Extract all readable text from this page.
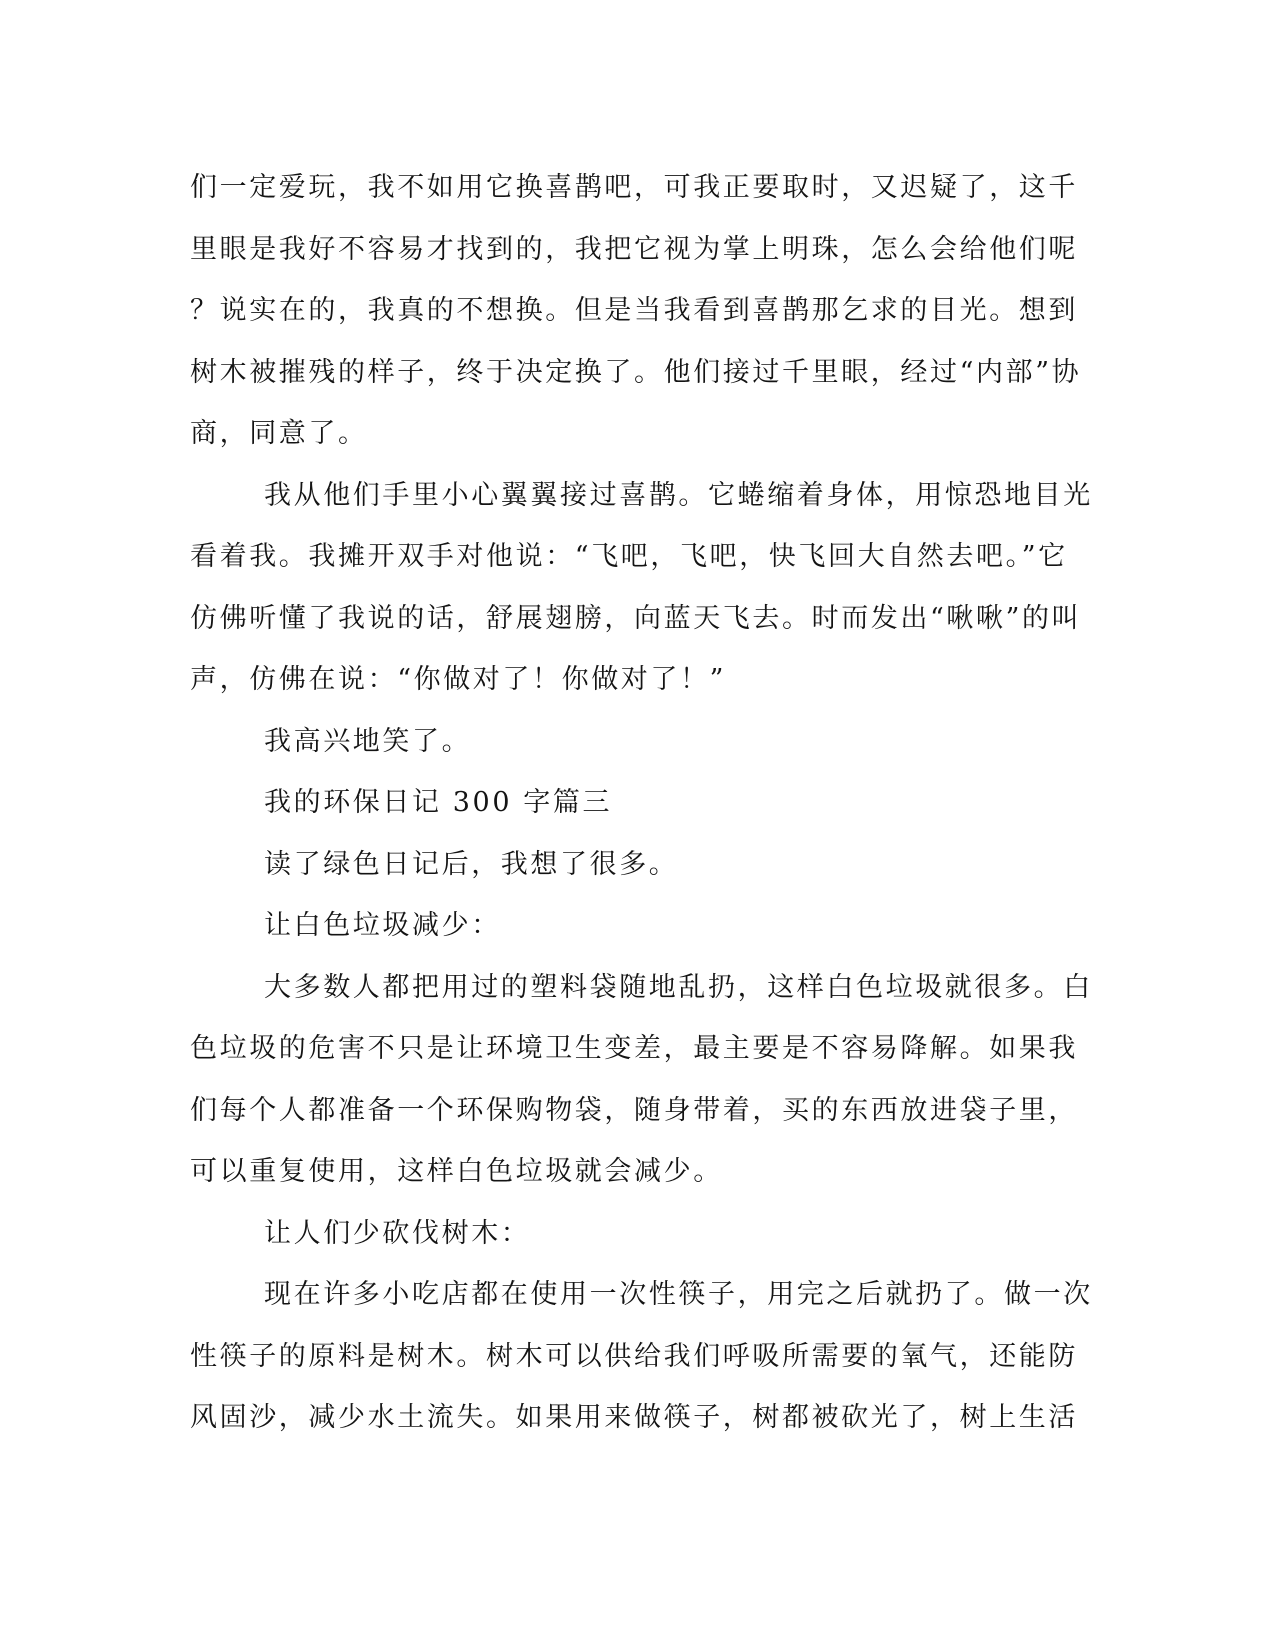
们一定爱玩，我不如用它换喜鹊吧，可我正要取时，又迟疑了，这千
里眼是我好不容易才找到的，我把它视为掌上明珠，怎么会给他们呢
？说实在的，我真的不想换。但是当我看到喜鹊那乞求的目光。想到
树木被摧残的样子，终于决定换了。他们接过千里眼，经过“内部”协
商，同意了。
我从他们手里小心翼翼接过喜鹊。它蜷缩着身体，用惊恐地目光
看着我。我摊开双手对他说：“飞吧，飞吧，快飞回大自然去吧。”它
仿佛听懂了我说的话，舒展翅膀，向蓝天飞去。时而发出“啾啾”的叫
声，仿佛在说：“你做对了！你做对了！”
我高兴地笑了。
我的环保日记 300 字篇三
读了绿色日记后，我想了很多。
让白色垃圾减少：
大多数人都把用过的塑料袋随地乱扔，这样白色垃圾就很多。白
色垃圾的危害不只是让环境卫生变差，最主要是不容易降解。如果我
们每个人都准备一个环保购物袋，随身带着，买的东西放进袋子里，
可以重复使用，这样白色垃圾就会减少。
让人们少砍伐树木：
现在许多小吃店都在使用一次性筷子，用完之后就扔了。做一次
性筷子的原料是树木。树木可以供给我们呼吸所需要的氧气，还能防
风固沙，减少水土流失。如果用来做筷子，树都被砍光了，树上生活
